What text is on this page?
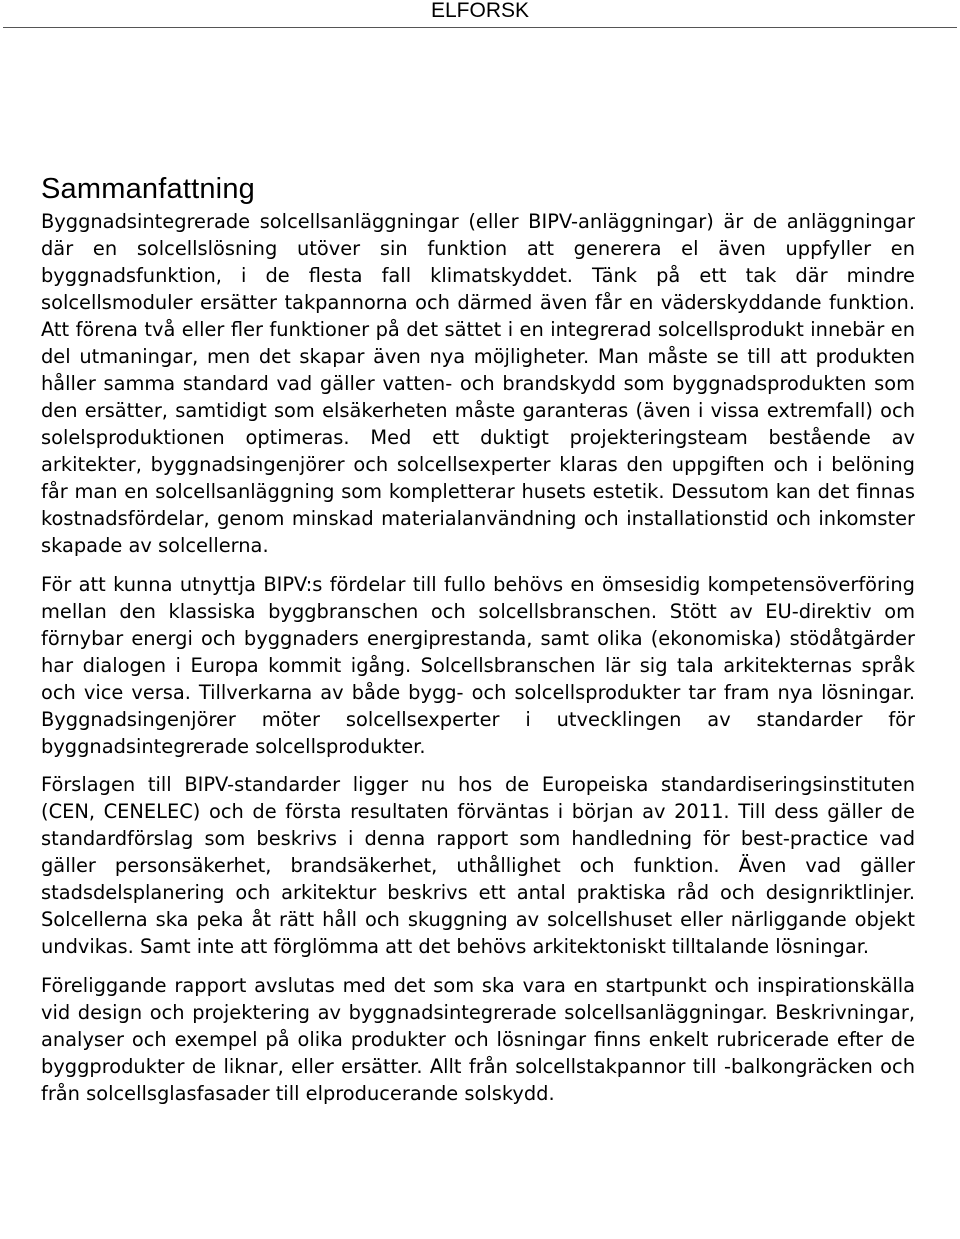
ELFORSK
Sammanfattning

Byggnadsintegrerade solcellsanläggningar (eller BIPV-anläggningar) är de anläggningar där en solcellslösning utöver sin funktion att generera el även uppfyller en byggnadsfunktion, i de flesta fall klimatskyddet. Tänk på ett tak där mindre solcellsmoduler ersätter takpannorna och därmed även får en väderskyddande funktion. Att förena två eller fler funktioner på det sättet i en integrerad solcellsprodukt innebär en del utmaningar, men det skapar även nya möjligheter. Man måste se till att produkten håller samma standard vad gäller vatten- och brandskydd som byggnadsprodukten som den ersätter, samtidigt som elsäkerheten måste garanteras (även i vissa extremfall) och solelsproduktionen optimeras. Med ett duktigt projekteringsteam bestående av arkitekter, byggnadsingenjörer och solcellsexperter klaras den uppgiften och i belöning får man en solcellsanläggning som kompletterar husets estetik. Dessutom kan det finnas kostnadsfördelar, genom minskad materialanvändning och installationstid och inkomster skapade av solcellerna.

För att kunna utnyttja BIPV:s fördelar till fullo behövs en ömsesidig kompetensöverföring mellan den klassiska byggbranschen och solcellsbranschen. Stött av EU-direktiv om förnybar energi och byggnaders energiprestanda, samt olika (ekonomiska) stödåtgärder har dialogen i Europa kommit igång. Solcellsbranschen lär sig tala arkitekternas språk och vice versa. Tillverkarna av både bygg- och solcellsprodukter tar fram nya lösningar. Byggnadsingenjörer möter solcellsexperter i utvecklingen av standarder för byggnadsintegrerade solcellsprodukter.

Förslagen till BIPV-standarder ligger nu hos de Europeiska standardiseringsinstituten (CEN, CENELEC) och de första resultaten förväntas i början av 2011. Till dess gäller de standardförslag som beskrivs i denna rapport som handledning för best-practice vad gäller personsäkerhet, brandsäkerhet, uthållighet och funktion. Även vad gäller stadsdelsplanering och arkitektur beskrivs ett antal praktiska råd och designriktlinjer. Solcellerna ska peka åt rätt håll och skuggning av solcellshuset eller närliggande objekt undvikas. Samt inte att förglömma att det behövs arkitektoniskt tilltalande lösningar.

Föreliggande rapport avslutas med det som ska vara en startpunkt och inspirationskälla vid design och projektering av byggnadsintegrerade solcellsanläggningar. Beskrivningar, analyser och exempel på olika produkter och lösningar finns enkelt rubricerade efter de byggprodukter de liknar, eller ersätter. Allt från solcellstakpannor till -balkongräcken och från solcellsglasfasader till elproducerande solskydd.
